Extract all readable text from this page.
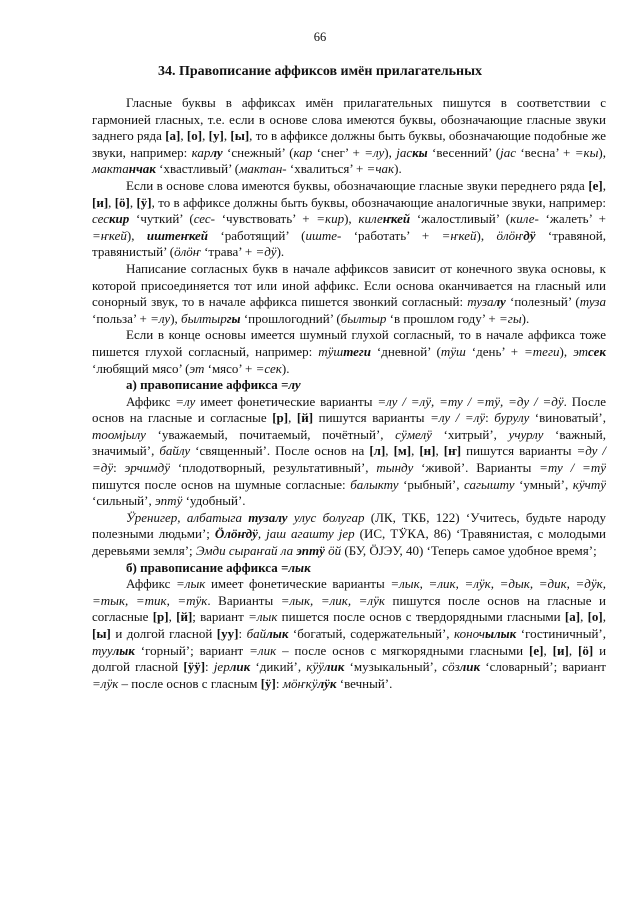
66
34. Правописание аффиксов имён прилагательных

Гласные буквы в аффиксах имён прилагательных пишутся в соответствии с гармонией гласных, т.е. если в основе слова имеются буквы, обозначающие гласные звуки заднего ряда [а], [о], [у], [ы], то в аффиксе должны быть буквы, обозначающие подобные же звуки, например: карлу ‘снежный’ (кар ‘снег’ + =лу), јаскы ‘весенний’ (јас ‘весна’ + =кы), мактанчак ‘хвастливый’ (мактан- ‘хвалиться’ + =чак).

Если в основе слова имеются буквы, обозначающие гласные звуки переднего ряда [е], [и], [ӧ], [ӱ], то в аффиксе должны быть буквы, обозначающие аналогичные звуки, например: сескир ‘чуткий’ (сес- ‘чувствовать’ + =кир), килеҥкей ‘жалостливый’ (киле- ‘жалеть’ + =ҥкей), иштеҥкей ‘работящий’ (иште- ‘работать’ + =ҥкей), ӧлӧҥдӱ ‘травяной, травянистый’ (ӧлӧҥ ‘трава’ + =дӱ).

Написание согласных букв в начале аффиксов зависит от конечного звука основы, к которой присоединяется тот или иной аффикс. Если основа оканчивается на гласный или сонорный звук, то в начале аффикса пишется звонкий согласный: тузалу ‘полезный’ (туза ‘польза’ + =лу), былтыргы ‘прошлогодний’ (былтыр ‘в прошлом году’ + =гы).

Если в конце основы имеется шумный глухой согласный, то в начале аффикса тоже пишется глухой согласный, например: тӱштеги ‘дневной’ (тӱш ‘день’ + =теги), этсек ‘любящий мясо’ (эт ‘мясо’ + =сек).

а) правописание аффикса =лу

Аффикс =лу имеет фонетические варианты =лу / =лӱ, =ту / =тӱ, =ду / =дӱ. После основ на гласные и согласные [р], [й] пишутся варианты =лу / =лӱ: бурулу ‘виноватый’, тоомјылу ‘уважаемый, почитаемый, почётный’, сӱмелӱ ‘хитрый’, учурлу ‘важный, значимый’, байлу ‘священный’. После основ на [л], [м], [н], [ҥ] пишутся варианты =ду / =дӱ: эрчимдӱ ‘плодотворный, результативный’, тынду ‘живой’. Варианты =ту / =тӱ пишутся после основ на шумные согласные: балыкту ‘рыбный’, сагышту ‘умный’, кӱчтӱ ‘сильный’, эптӱ ‘удобный’.

Ӱренигер, албатыга тузалу улус болугар (ЛК, ТКБ, 122) ‘Учитесь, будьте народу полезными людьми’; Ӧлӧҥдӱ, јаш агашту јер (ИС, ТӰКА, 86) ‘Травянистая, с молодыми деревьями земля’; Эмди сыраҥай ла эптӱ ӧй (БУ, ӦЈЭУ, 40) ‘Теперь самое удобное время’;

б) правописание аффикса =лык

Аффикс =лык имеет фонетические варианты =лык, =лик, =лӱк, =дык, =дик, =дӱк, =тык, =тик, =тӱк. Варианты =лык, =лик, =лӱк пишутся после основ на гласные и согласные [р], [й]; вариант =лык пишется после основ с твердорядными гласными [а], [о], [ы] и долгой гласной [уу]: байлык ‘богатый, содержательный’, коночылык ‘гостиничный’, туулык ‘горный’; вариант =лик – после основ с мягкорядными гласными [е], [и], [ӧ] и долгой гласной [ӱӱ]: јерлик ‘дикий’, кӱӱлик ‘музыкальный’, сӧзлик ‘словарный’; вариант =лӱк – после основ с гласным [ӱ]: мӧҥкӱлӱк ‘вечный’.
